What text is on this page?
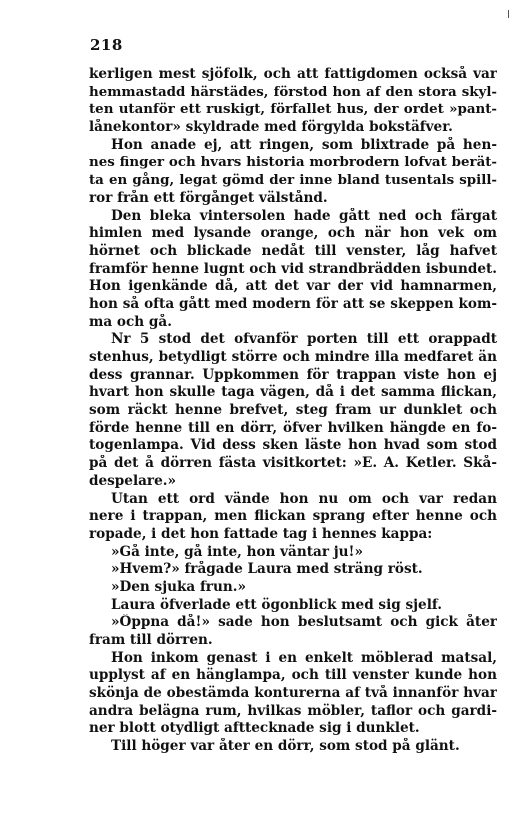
218
kerligen mest sjöfolk, och att fattigdomen också var
hemmastadd härstädes, förstod hon af den stora skyl-
ten utanför ett ruskigt, förfallet hus, der ordet »pant-
lånekontor» skyldrade med förgylda bokstäfver.
Hon anade ej, att ringen, som blixtrade på hen-
nes finger och hvars historia morbrodern lofvat berät-
ta en gång, legat gömd der inne bland tusentals spill-
ror från ett förgånget välstånd.
Den bleka vintersolen hade gått ned och färgat
himlen med lysande orange, och när hon vek om
hörnet och blickade nedåt till venster, låg hafvet
framför henne lugnt och vid strandbrädden isbundet.
Hon igenkände då, att det var der vid hamnarmen,
hon så ofta gått med modern för att se skeppen kom-
ma och gå.
Nr 5 stod det ofvanför porten till ett orappadt
stenhus, betydligt större och mindre illa medfaret än
dess grannar. Uppkommen för trappan viste hon ej
hvart hon skulle taga vägen, då i det samma flickan,
som räckt henne brefvet, steg fram ur dunklet och
förde henne till en dörr, öfver hvilken hängde en fo-
togenlampa. Vid dess sken läste hon hvad som stod
på det å dörren fästa visitkortet: »E. A. Ketler. Skå-
despelare.»
Utan ett ord vände hon nu om och var redan
nere i trappan, men flickan sprang efter henne och
ropade, i det hon fattade tag i hennes kappa:
»Gå inte, gå inte, hon väntar ju!»
»Hvem?» frågade Laura med sträng röst.
»Den sjuka frun.»
Laura öfverlade ett ögonblick med sig sjelf.
»Öppna då!» sade hon beslutsamt och gick åter
fram till dörren.
Hon inkom genast i en enkelt möblerad matsal,
upplyst af en hänglampa, och till venster kunde hon
skönja de obestämda konturerna af två innanför hvar
andra belägna rum, hvilkas möbler, taflor och gardi-
ner blott otydligt afttecknade sig i dunklet.
Till höger var åter en dörr, som stod på glänt.
